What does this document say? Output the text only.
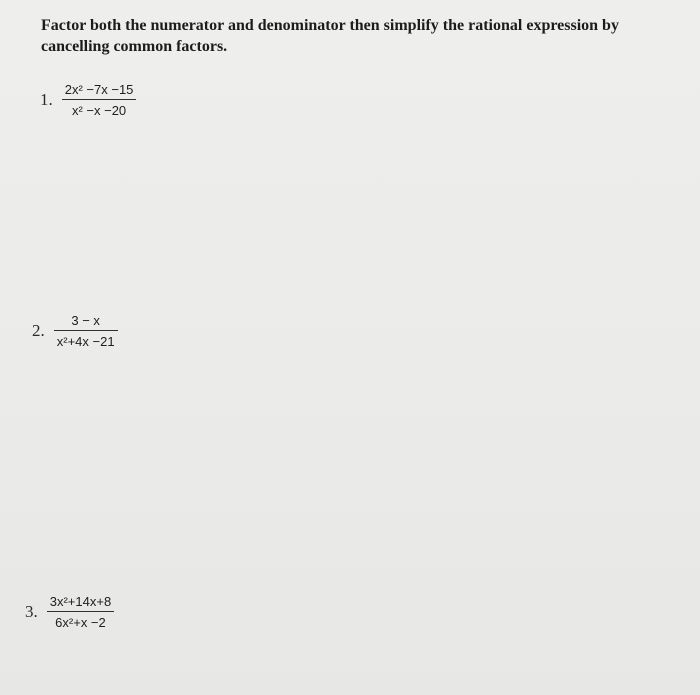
Factor both the numerator and denominator then simplify the rational expression by
cancelling common factors.
1. $\frac{\text{2x² −7x −15}}{\text{x² −x −20}}$
2. $\frac{3 - x}{\text{x²+4x −21}}$
3. $\frac{\text{3x²+14x+8}}{\text{6x²+x −2}}$
